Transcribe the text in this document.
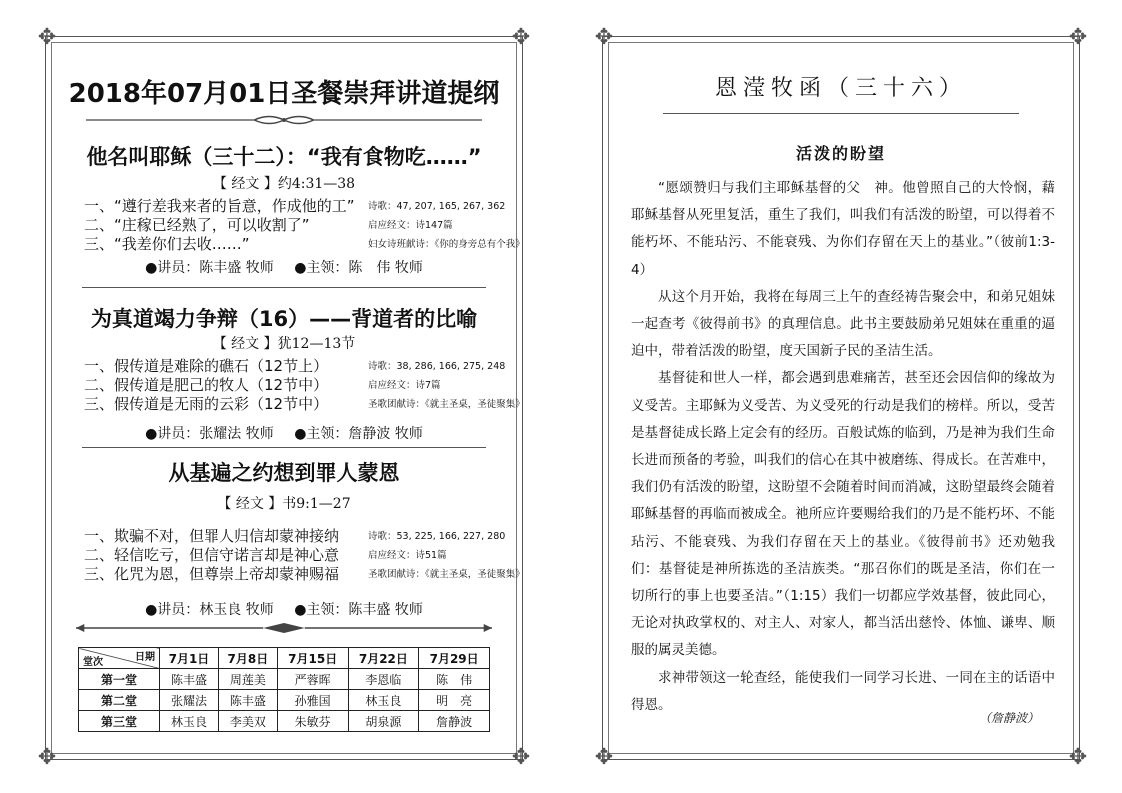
✥	✥
✥	✥
2018年07月01日圣餐崇拜讲道提纲
他名叫耶稣（三十二）：“我有食物吃……”
【 经文 】约4:31—38
一、“遵行差我来者的旨意，作成他的工”
二、“庄稼已经熟了，可以收割了”
三、“我差你们去收……”
诗歌：47, 207, 165, 267, 362
启应经文：诗147篇
妇女诗班献诗：《你的身旁总有个我》
●讲员：陈丰盛 牧师 ●主领：陈　伟 牧师
为真道竭力争辩（16）——背道者的比喻
【 经文 】犹12—13节
一、假传道是难除的礁石（12节上）
二、假传道是肥己的牧人（12节中）
三、假传道是无雨的云彩（12节中）
诗歌：38, 286, 166, 275, 248
启应经文：诗7篇
圣歌团献诗：《就主圣桌，圣徒聚集》
●讲员：张耀法 牧师 ●主领：詹静波 牧师
从基遍之约想到罪人蒙恩
【 经文 】书9:1—27
一、欺骗不对，但罪人归信却蒙神接纳
二、轻信吃亏，但信守诺言却是神心意
三、化咒为恩，但尊崇上帝却蒙神赐福
诗歌：53, 225, 166, 227, 280
启应经文：诗51篇
圣歌团献诗：《就主圣桌，圣徒聚集》
●讲员：林玉良 牧师 ●主领：陈丰盛 牧师
日期
堂次	7月1日	7月8日	7月15日	7月22日	7月29日
第一堂	陈丰盛	周莲美	严蓉晖	李恩临	陈　伟
第二堂	张耀法	陈丰盛	孙雅国	林玉良	明　亮
第三堂	林玉良	李美双	朱敏芬	胡泉源	詹静波
✥	✥
✥	✥
恩滢牧函（三十六）
活泼的盼望

“愿颂赞归与我们主耶稣基督的父　神。他曾照自己的大怜悯，藉耶稣基督从死里复活，重生了我们，叫我们有活泼的盼望，可以得着不能朽坏、不能玷污、不能衰残、为你们存留在天上的基业。”（彼前1:3-4）

从这个月开始，我将在每周三上午的查经祷告聚会中，和弟兄姐妹一起查考《彼得前书》的真理信息。此书主要鼓励弟兄姐妹在重重的逼迫中，带着活泼的盼望，度天国新子民的圣洁生活。

基督徒和世人一样，都会遇到患难痛苦，甚至还会因信仰的缘故为义受苦。主耶稣为义受苦、为义受死的行动是我们的榜样。所以，受苦是基督徒成长路上定会有的经历。百般试炼的临到，乃是神为我们生命长进而预备的考验，叫我们的信心在其中被磨练、得成长。在苦难中，我们仍有活泼的盼望，这盼望不会随着时间而消减，这盼望最终会随着耶稣基督的再临而被成全。祂所应许要赐给我们的乃是不能朽坏、不能玷污、不能衰残、为我们存留在天上的基业。《彼得前书》还劝勉我们：基督徒是神所拣选的圣洁族类。“那召你们的既是圣洁，你们在一切所行的事上也要圣洁。”（1:15）我们一切都应学效基督，彼此同心，无论对执政掌权的、对主人、对家人，都当活出慈怜、体恤、谦卑、顺服的属灵美德。

求神带领这一轮查经，能使我们一同学习长进、一同在主的话语中得恩。

（詹静波）
